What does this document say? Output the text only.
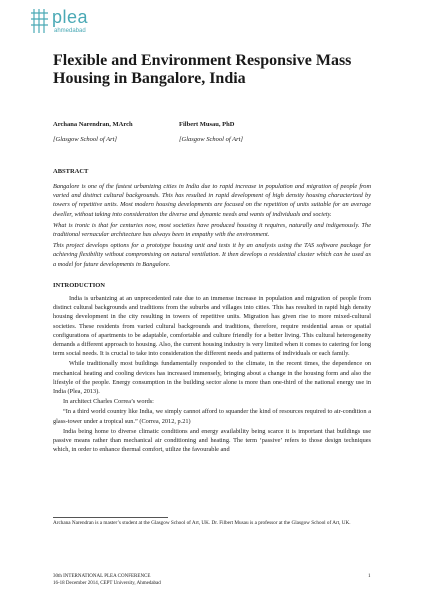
plea
ahmedabad
Flexible and Environment Responsive Mass Housing in Bangalore, India
Archana Narendran, MArch
[Glasgow School of Art]
Filbert Musau, PhD
[Glasgow School of Art]
ABSTRACT

Bangalore is one of the fastest urbanizing cities in India due to rapid increase in population and migration of people from varied and distinct cultural backgrounds. This has resulted in rapid development of high density housing characterized by towers of repetitive units. Most modern housing developments are focused on the repetition of units suitable for an average dweller, without taking into consideration the diverse and dynamic needs and wants of individuals and society.

What is ironic is that for centuries now, most societies have produced housing it requires, naturally and indigenously. The traditional vernacular architecture has always been in empathy with the environment.

This project develops options for a prototype housing unit and tests it by an analysis using the TAS software package for achieving flexibility without compromising on natural ventilation. It then develops a residential cluster which can be used as a model for future developments in Bangalore.

INTRODUCTION

India is urbanizing at an unprecedented rate due to an immense increase in population and migration of people from distinct cultural backgrounds and traditions from the suburbs and villages into cities. This has resulted in rapid high density housing development in the city resulting in towers of repetitive units. Migration has given rise to more mixed-cultural societies. These residents from varied cultural backgrounds and traditions, therefore, require residential areas or spatial configurations of apartments to be adaptable, comfortable and culture friendly for a better living. This cultural heterogeneity demands a different approach to housing. Also, the current housing industry is very limited when it comes to catering for long term social needs. It is crucial to take into consideration the different needs and patterns of individuals or each family.

While traditionally most buildings fundamentally responded to the climate, in the recent times, the dependence on mechanical heating and cooling devices has increased immensely, bringing about a change in the housing form and also the lifestyle of the people. Energy consumption in the building sector alone is more than one-third of the national energy use in India (Plea, 2013).

In architect Charles Correa’s words:

“In a third world country like India, we simply cannot afford to squander the kind of resources required to air-condition a glass-tower under a tropical sun.” (Correa, 2012, p.21)

India being home to diverse climatic conditions and energy availability being scarce it is important that buildings use passive means rather than mechanical air conditioning and heating. The term ‘passive’ refers to those design techniques which, in order to enhance thermal comfort, utilize the favourable and

Archana Narendran is a master’s student at the Glasgow School of Art, UK. Dr. Filbert Musau is a professor at the Glasgow School of Art, UK.
30th INTERNATIONAL PLEA CONFERENCE
16-18 December 2014, CEPT University, Ahmedabad
1
